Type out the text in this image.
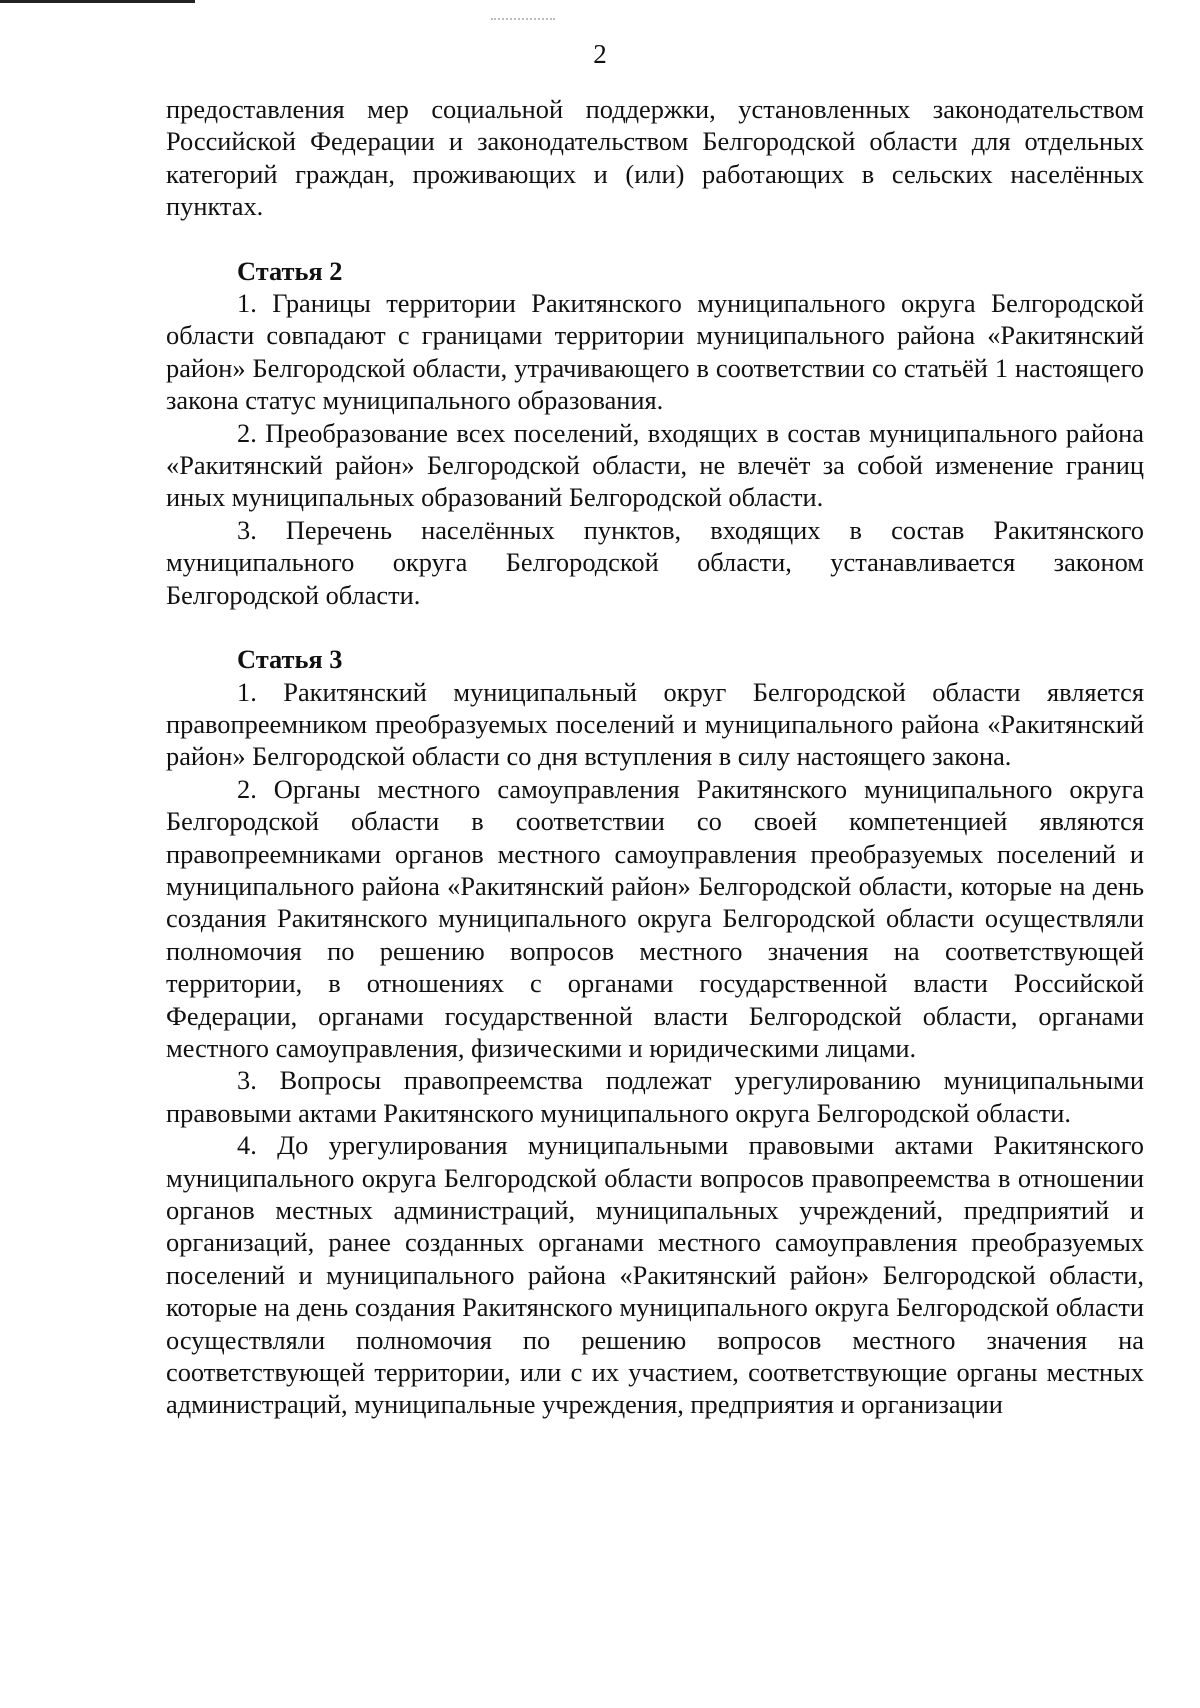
2

предоставления мер социальной поддержки, установленных законодательством Российской Федерации и законодательством Белгородской области для отдельных категорий граждан, проживающих и (или) работающих в сельских населённых пунктах.

Статья 2

1. Границы территории Ракитянского муниципального округа Белгородской области совпадают с границами территории муниципального района «Ракитянский район» Белгородской области, утрачивающего в соответствии со статьёй 1 настоящего закона статус муниципального образования.

2. Преобразование всех поселений, входящих в состав муниципального района «Ракитянский район» Белгородской области, не влечёт за собой изменение границ иных муниципальных образований Белгородской области.

3. Перечень населённых пунктов, входящих в состав Ракитянского муниципального округа Белгородской области, устанавливается законом Белгородской области.

Статья 3

1. Ракитянский муниципальный округ Белгородской области является правопреемником преобразуемых поселений и муниципального района «Ракитянский район» Белгородской области со дня вступления в силу настоящего закона.

2. Органы местного самоуправления Ракитянского муниципального округа Белгородской области в соответствии со своей компетенцией являются правопреемниками органов местного самоуправления преобразуемых поселений и муниципального района «Ракитянский район» Белгородской области, которые на день создания Ракитянского муниципального округа Белгородской области осуществляли полномочия по решению вопросов местного значения на соответствующей территории, в отношениях с органами государственной власти Российской Федерации, органами государственной власти Белгородской области, органами местного самоуправления, физическими и юридическими лицами.

3. Вопросы правопреемства подлежат урегулированию муниципальными правовыми актами Ракитянского муниципального округа Белгородской области.

4. До урегулирования муниципальными правовыми актами Ракитянского муниципального округа Белгородской области вопросов правопреемства в отношении органов местных администраций, муниципальных учреждений, предприятий и организаций, ранее созданных органами местного самоуправления преобразуемых поселений и муниципального района «Ракитянский район» Белгородской области, которые на день создания Ракитянского муниципального округа Белгородской области осуществляли полномочия по решению вопросов местного значения на соответствующей территории, или с их участием, соответствующие органы местных администраций, муниципальные учреждения, предприятия и организации
